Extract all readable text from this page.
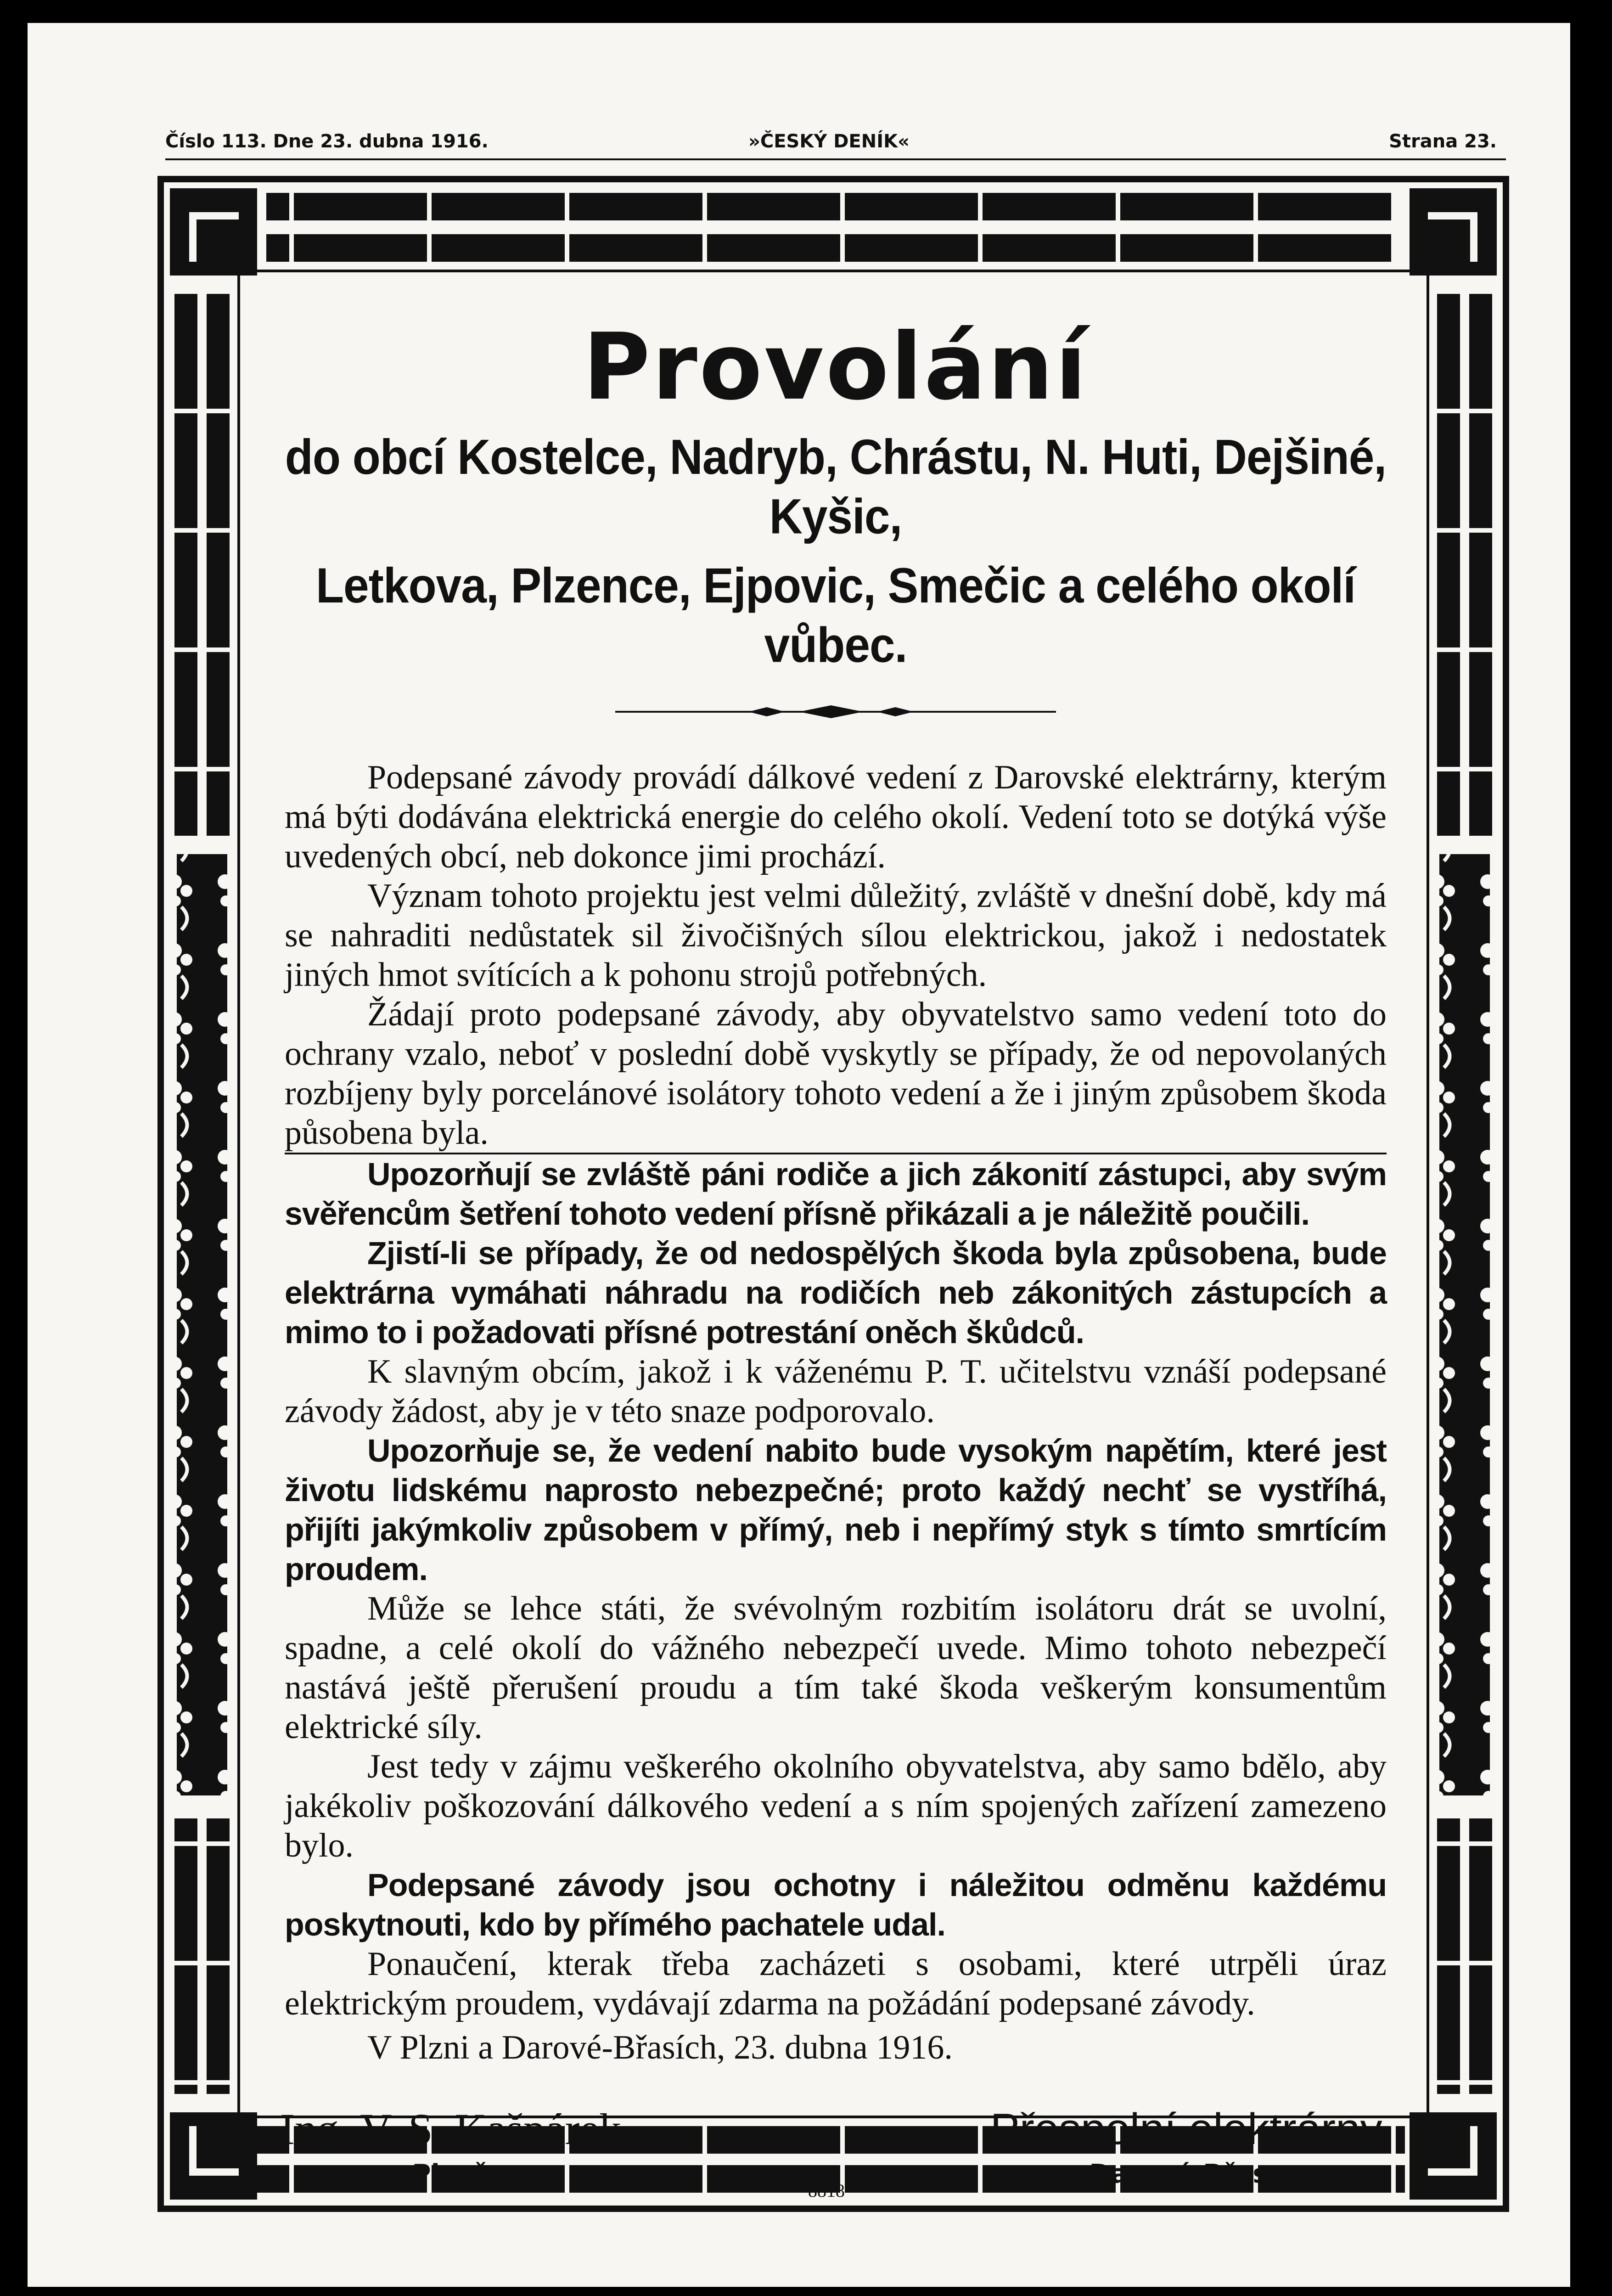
Číslo 113. Dne 23. dubna 1916.	»ČESKÝ DENÍK«	Strana 23.
Provolání
do obcí Kostelce, Nadryb, Chrástu, N. Huti, Dejšiné, Kyšic,
Letkova, Plzence, Ejpovic, Smečic a celého okolí vůbec.

Podepsané závody provádí dálkové vedení z Darovské elektrárny, kterým má býti dodávána elektrická energie do celého okolí. Vedení toto se dotýká výše uvedených obcí, neb dokonce jimi prochází.

Význam tohoto projektu jest velmi důležitý, zvláště v dnešní době, kdy má se nahraditi nedůstatek sil živočišných sílou elektrickou, jakož i nedostatek jiných hmot svítících a k pohonu strojů potřebných.

Žádají proto podepsané závody, aby obyvatelstvo samo vedení toto do ochrany vzalo, neboť v poslední době vyskytly se případy, že od nepovolaných rozbíjeny byly porcelánové isolátory tohoto vedení a že i jiným způsobem škoda působena byla.

Upozorňují se zvláště páni rodiče a jich zákonití zástupci, aby svým svěřencům šetření tohoto vedení přísně přikázali a je náležitě poučili.

Zjistí-li se případy, že od nedospělých škoda byla způsobena, bude elektrárna vymáhati náhradu na rodičích neb zákonitých zástupcích a mimo to i požadovati přísné potrestání oněch škůdců.

K slavným obcím, jakož i k váženému P. T. učitelstvu vznáší podepsané závody žádost, aby je v této snaze podporovalo.

Upozorňuje se, že vedení nabito bude vysokým napětím, které jest životu lidskému naprosto nebezpečné; proto každý nechť se vystříhá, přijíti jakýmkoliv způsobem v přímý, neb i nepřímý styk s tímto smrtícím proudem.

Může se lehce státi, že svévolným rozbitím isolátoru drát se uvolní, spadne, a celé okolí do vážného nebezpečí uvede. Mimo tohoto nebezpečí nastává ještě přerušení proudu a tím také škoda veškerým konsumentům elektrické síly.

Jest tedy v zájmu veškerého okolního obyvatelstva, aby samo bdělo, aby jakékoliv poškozování dálkového vedení a s ním spojených zařízení zamezeno bylo.

Podepsané závody jsou ochotny i náležitou odměnu každému poskytnouti, kdo by přímého pachatele udal.

Ponaučení, kterak třeba zacházeti s osobami, které utrpěli úraz elektrickým proudem, vydávají zdarma na požádání podepsané závody.

V Plzni a Darové-Břasích, 23. dubna 1916.

Ing. V. S. Kašpárek,
Plzeň.
8818
Přespolní elektrárny,
Darová-Břasy.
